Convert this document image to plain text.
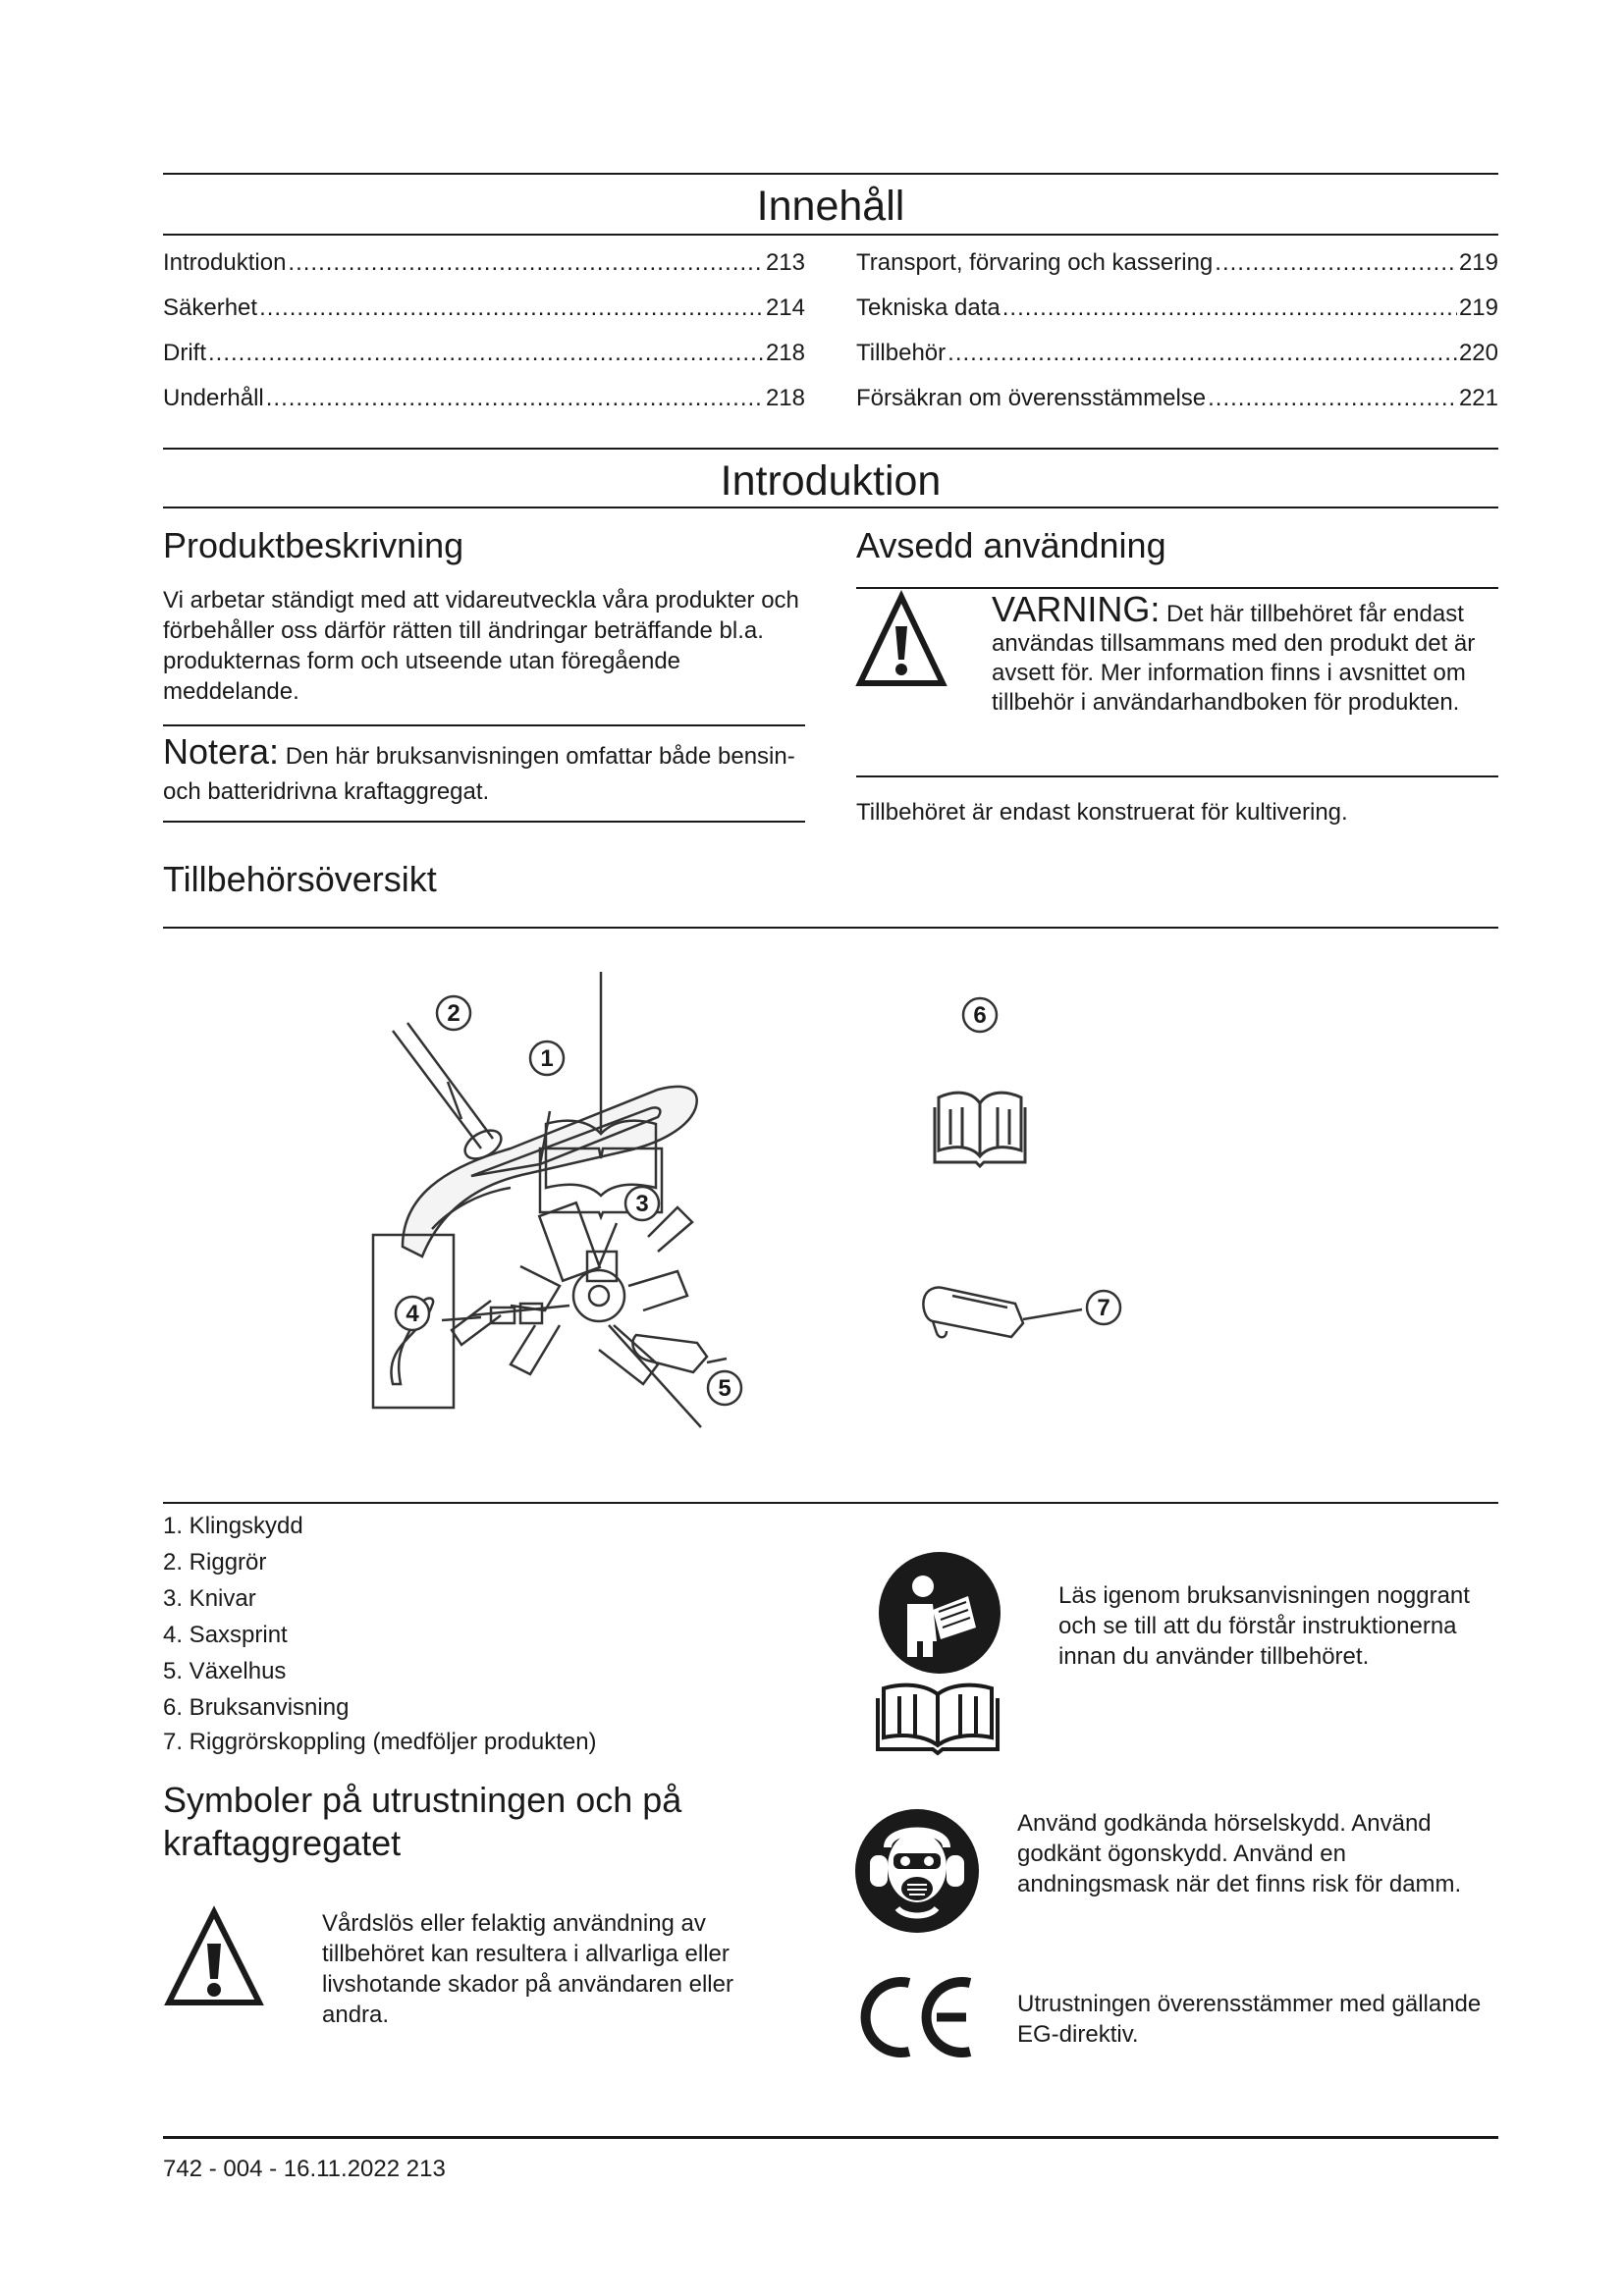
Innehåll
Introduktion .....	213
Säkerhet .....	214
Drift .....	218
Underhåll .....	218
Transport, förvaring och kassering .....	219
Tekniska data .....	219
Tillbehör .....	220
Försäkran om överensstämmelse .....	221
Introduktion
Produktbeskrivning
Vi arbetar ständigt med att vidareutveckla våra produkter och förbehåller oss därför rätten till ändringar beträffande bl.a. produkternas form och utseende utan föregående meddelande.
Notera: Den här bruksanvisningen omfattar både bensin- och batteridrivna kraftaggregat.
Avsedd användning
VARNING: Det här tillbehöret får endast användas tillsammans med den produkt det är avsett för. Mer information finns i avsnittet om tillbehör i användarhandboken för produkten.
Tillbehöret är endast konstruerat för kultivering.
Tillbehörsöversikt
2
1
3
4
5
6
7
1. Klingskydd
2. Riggrör
3. Knivar
4. Saxsprint
5. Växelhus
6. Bruksanvisning
7. Riggrörskoppling (medföljer produkten)
Symboler på utrustningen och på
kraftaggregatet
Vårdslös eller felaktig användning av tillbehöret kan resultera i allvarliga eller livshotande skador på användaren eller andra.
Läs igenom bruksanvisningen noggrant och se till att du förstår instruktionerna innan du använder tillbehöret.
Använd godkända hörselskydd. Använd godkänt ögonskydd. Använd en andningsmask när det finns risk för damm.
Utrustningen överensstämmer med gällande EG-direktiv.
742 - 004 - 16.11.2022 213
